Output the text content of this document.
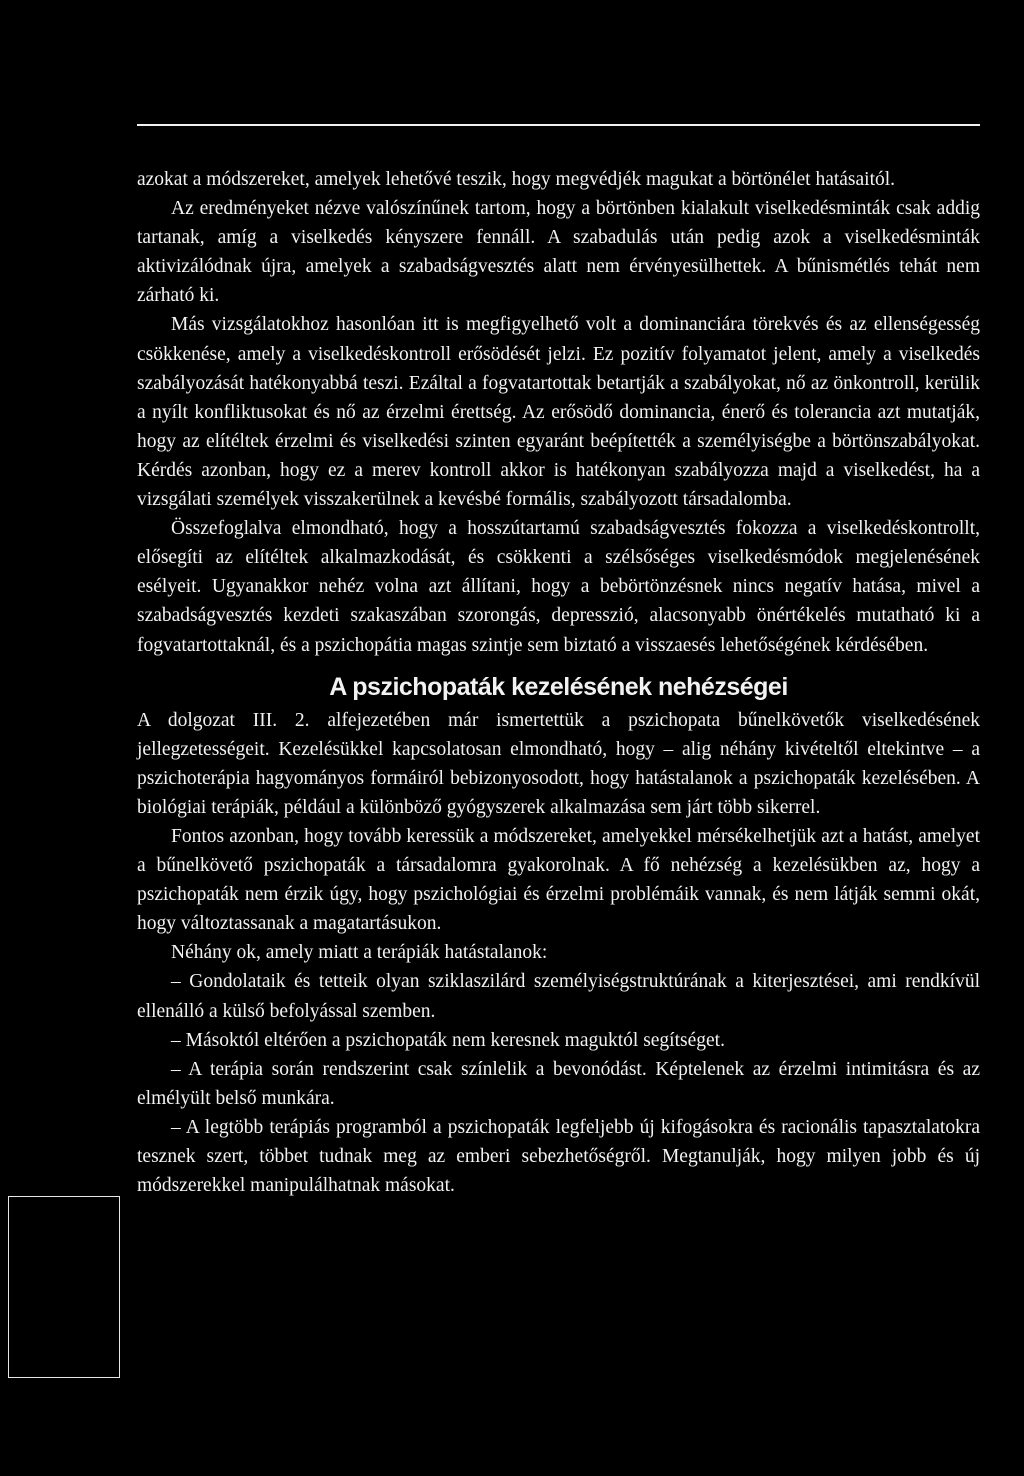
azokat a módszereket, amelyek lehetővé teszik, hogy megvédjék magukat a börtönélet hatásaitól.

Az eredményeket nézve valószínűnek tartom, hogy a börtönben kialakult viselkedésminták csak addig tartanak, amíg a viselkedés kényszere fennáll. A szabadulás után pedig azok a viselkedésminták aktivizálódnak újra, amelyek a szabadságvesztés alatt nem érvényesülhettek. A bűnismétlés tehát nem zárható ki.

Más vizsgálatokhoz hasonlóan itt is megfigyelhető volt a dominanciára törekvés és az ellenségesség csökkenése, amely a viselkedéskontroll erősödését jelzi. Ez pozitív folyamatot jelent, amely a viselkedés szabályozását hatékonyabbá teszi. Ezáltal a fogvatartottak betartják a szabályokat, nő az önkontroll, kerülik a nyílt konfliktusokat és nő az érzelmi érettség. Az erősödő dominancia, énerő és tolerancia azt mutatják, hogy az elítéltek érzelmi és viselkedési szinten egyaránt beépítették a személyiségbe a börtönszabályokat. Kérdés azonban, hogy ez a merev kontroll akkor is hatékonyan szabályozza majd a viselkedést, ha a vizsgálati személyek visszakerülnek a kevésbé formális, szabályozott társadalomba.

Összefoglalva elmondható, hogy a hosszútartamú szabadságvesztés fokozza a viselkedéskontrollt, elősegíti az elítéltek alkalmazkodását, és csökkenti a szélsőséges viselkedésmódok megjelenésének esélyeit. Ugyanakkor nehéz volna azt állítani, hogy a bebörtönzésnek nincs negatív hatása, mivel a szabadságvesztés kezdeti szakaszában szorongás, depresszió, alacsonyabb önértékelés mutatható ki a fogvatartottaknál, és a pszichopátia magas szintje sem biztató a visszaesés lehetőségének kérdésében.

A pszichopaták kezelésének nehézségei

A dolgozat III. 2. alfejezetében már ismertettük a pszichopata bűnelkövetők viselkedésének jellegzetességeit. Kezelésükkel kapcsolatosan elmondható, hogy – alig néhány kivételtől eltekintve – a pszichoterápia hagyományos formáiról bebizonyosodott, hogy hatástalanok a pszichopaták kezelésében. A biológiai terápiák, például a különböző gyógyszerek alkalmazása sem járt több sikerrel.

Fontos azonban, hogy tovább keressük a módszereket, amelyekkel mérsékelhetjük azt a hatást, amelyet a bűnelkövető pszichopaták a társadalomra gyakorolnak. A fő nehézség a kezelésükben az, hogy a pszichopaták nem érzik úgy, hogy pszichológiai és érzelmi problémáik vannak, és nem látják semmi okát, hogy változtassanak a magatartásukon.

Néhány ok, amely miatt a terápiák hatástalanok:

– Gondolataik és tetteik olyan sziklaszilárd személyiségstruktúrának a kiterjesztései, ami rendkívül ellenálló a külső befolyással szemben.

– Másoktól eltérően a pszichopaták nem keresnek maguktól segítséget.

– A terápia során rendszerint csak színlelik a bevonódást. Képtelenek az érzelmi intimitásra és az elmélyült belső munkára.

– A legtöbb terápiás programból a pszichopaták legfeljebb új kifogásokra és racionális tapasztalatokra tesznek szert, többet tudnak meg az emberi sebezhetőségről. Megtanulják, hogy milyen jobb és új módszerekkel manipulálhatnak másokat.
